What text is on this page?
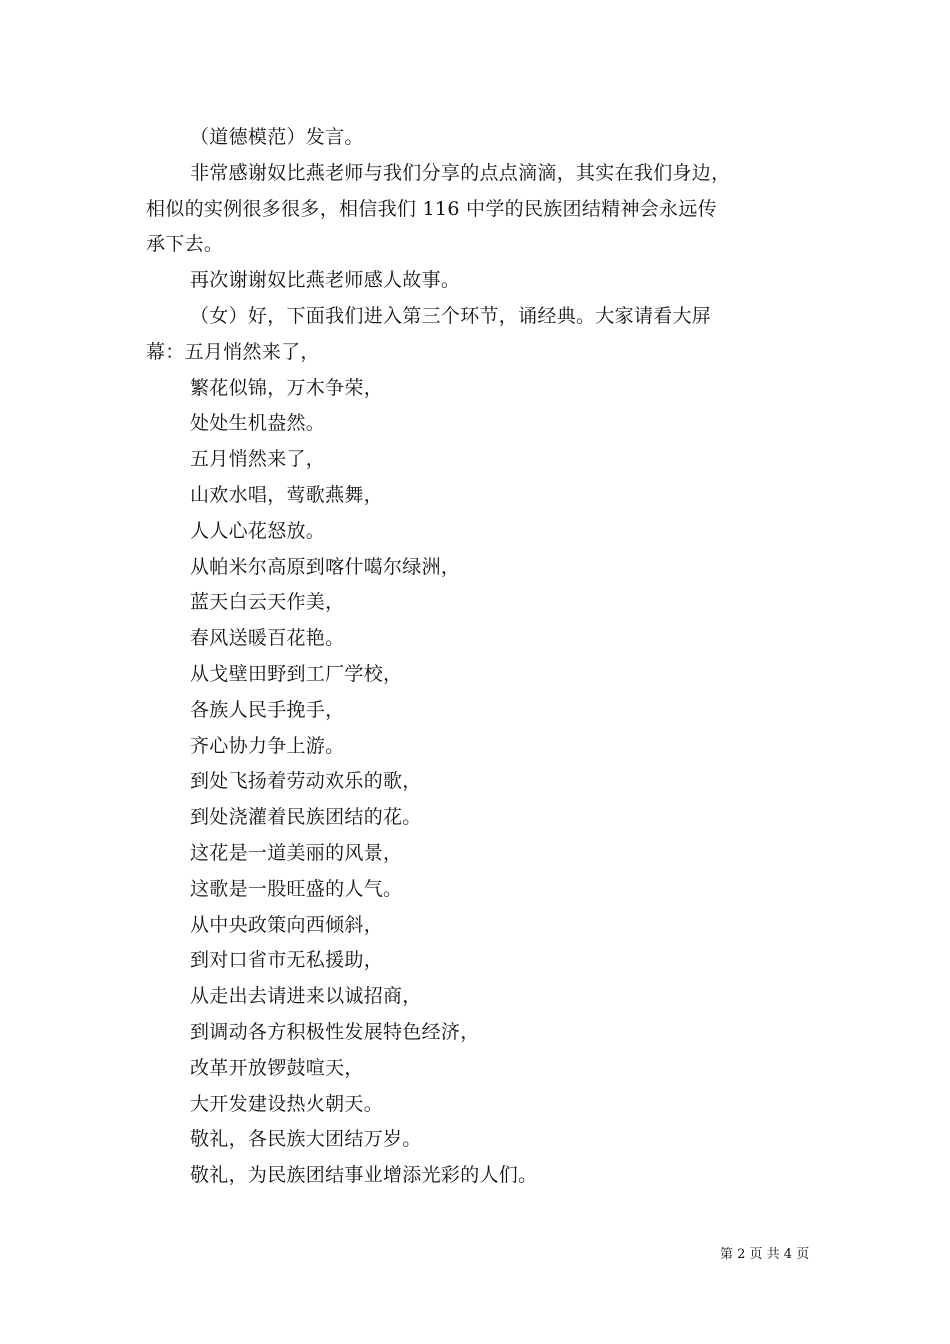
（道德模范）发言。
非常感谢奴比燕老师与我们分享的点点滴滴，其实在我们身边，
相似的实例很多很多，相信我们 116 中学的民族团结精神会永远传
承下去。
再次谢谢奴比燕老师感人故事。
（女）好，下面我们进入第三个环节，诵经典。大家请看大屏
幕：五月悄然来了，
繁花似锦，万木争荣，
处处生机盎然。
五月悄然来了，
山欢水唱，莺歌燕舞，
人人心花怒放。
从帕米尔高原到喀什噶尔绿洲，
蓝天白云天作美，
春风送暖百花艳。
从戈壁田野到工厂学校，
各族人民手挽手，
齐心协力争上游。
到处飞扬着劳动欢乐的歌，
到处浇灌着民族团结的花。
这花是一道美丽的风景，
这歌是一股旺盛的人气。
从中央政策向西倾斜，
到对口省市无私援助，
从走出去请进来以诚招商，
到调动各方积极性发展特色经济，
改革开放锣鼓喧天，
大开发建设热火朝天。
敬礼，各民族大团结万岁。
敬礼，为民族团结事业增添光彩的人们。
第 2 页 共 4 页
